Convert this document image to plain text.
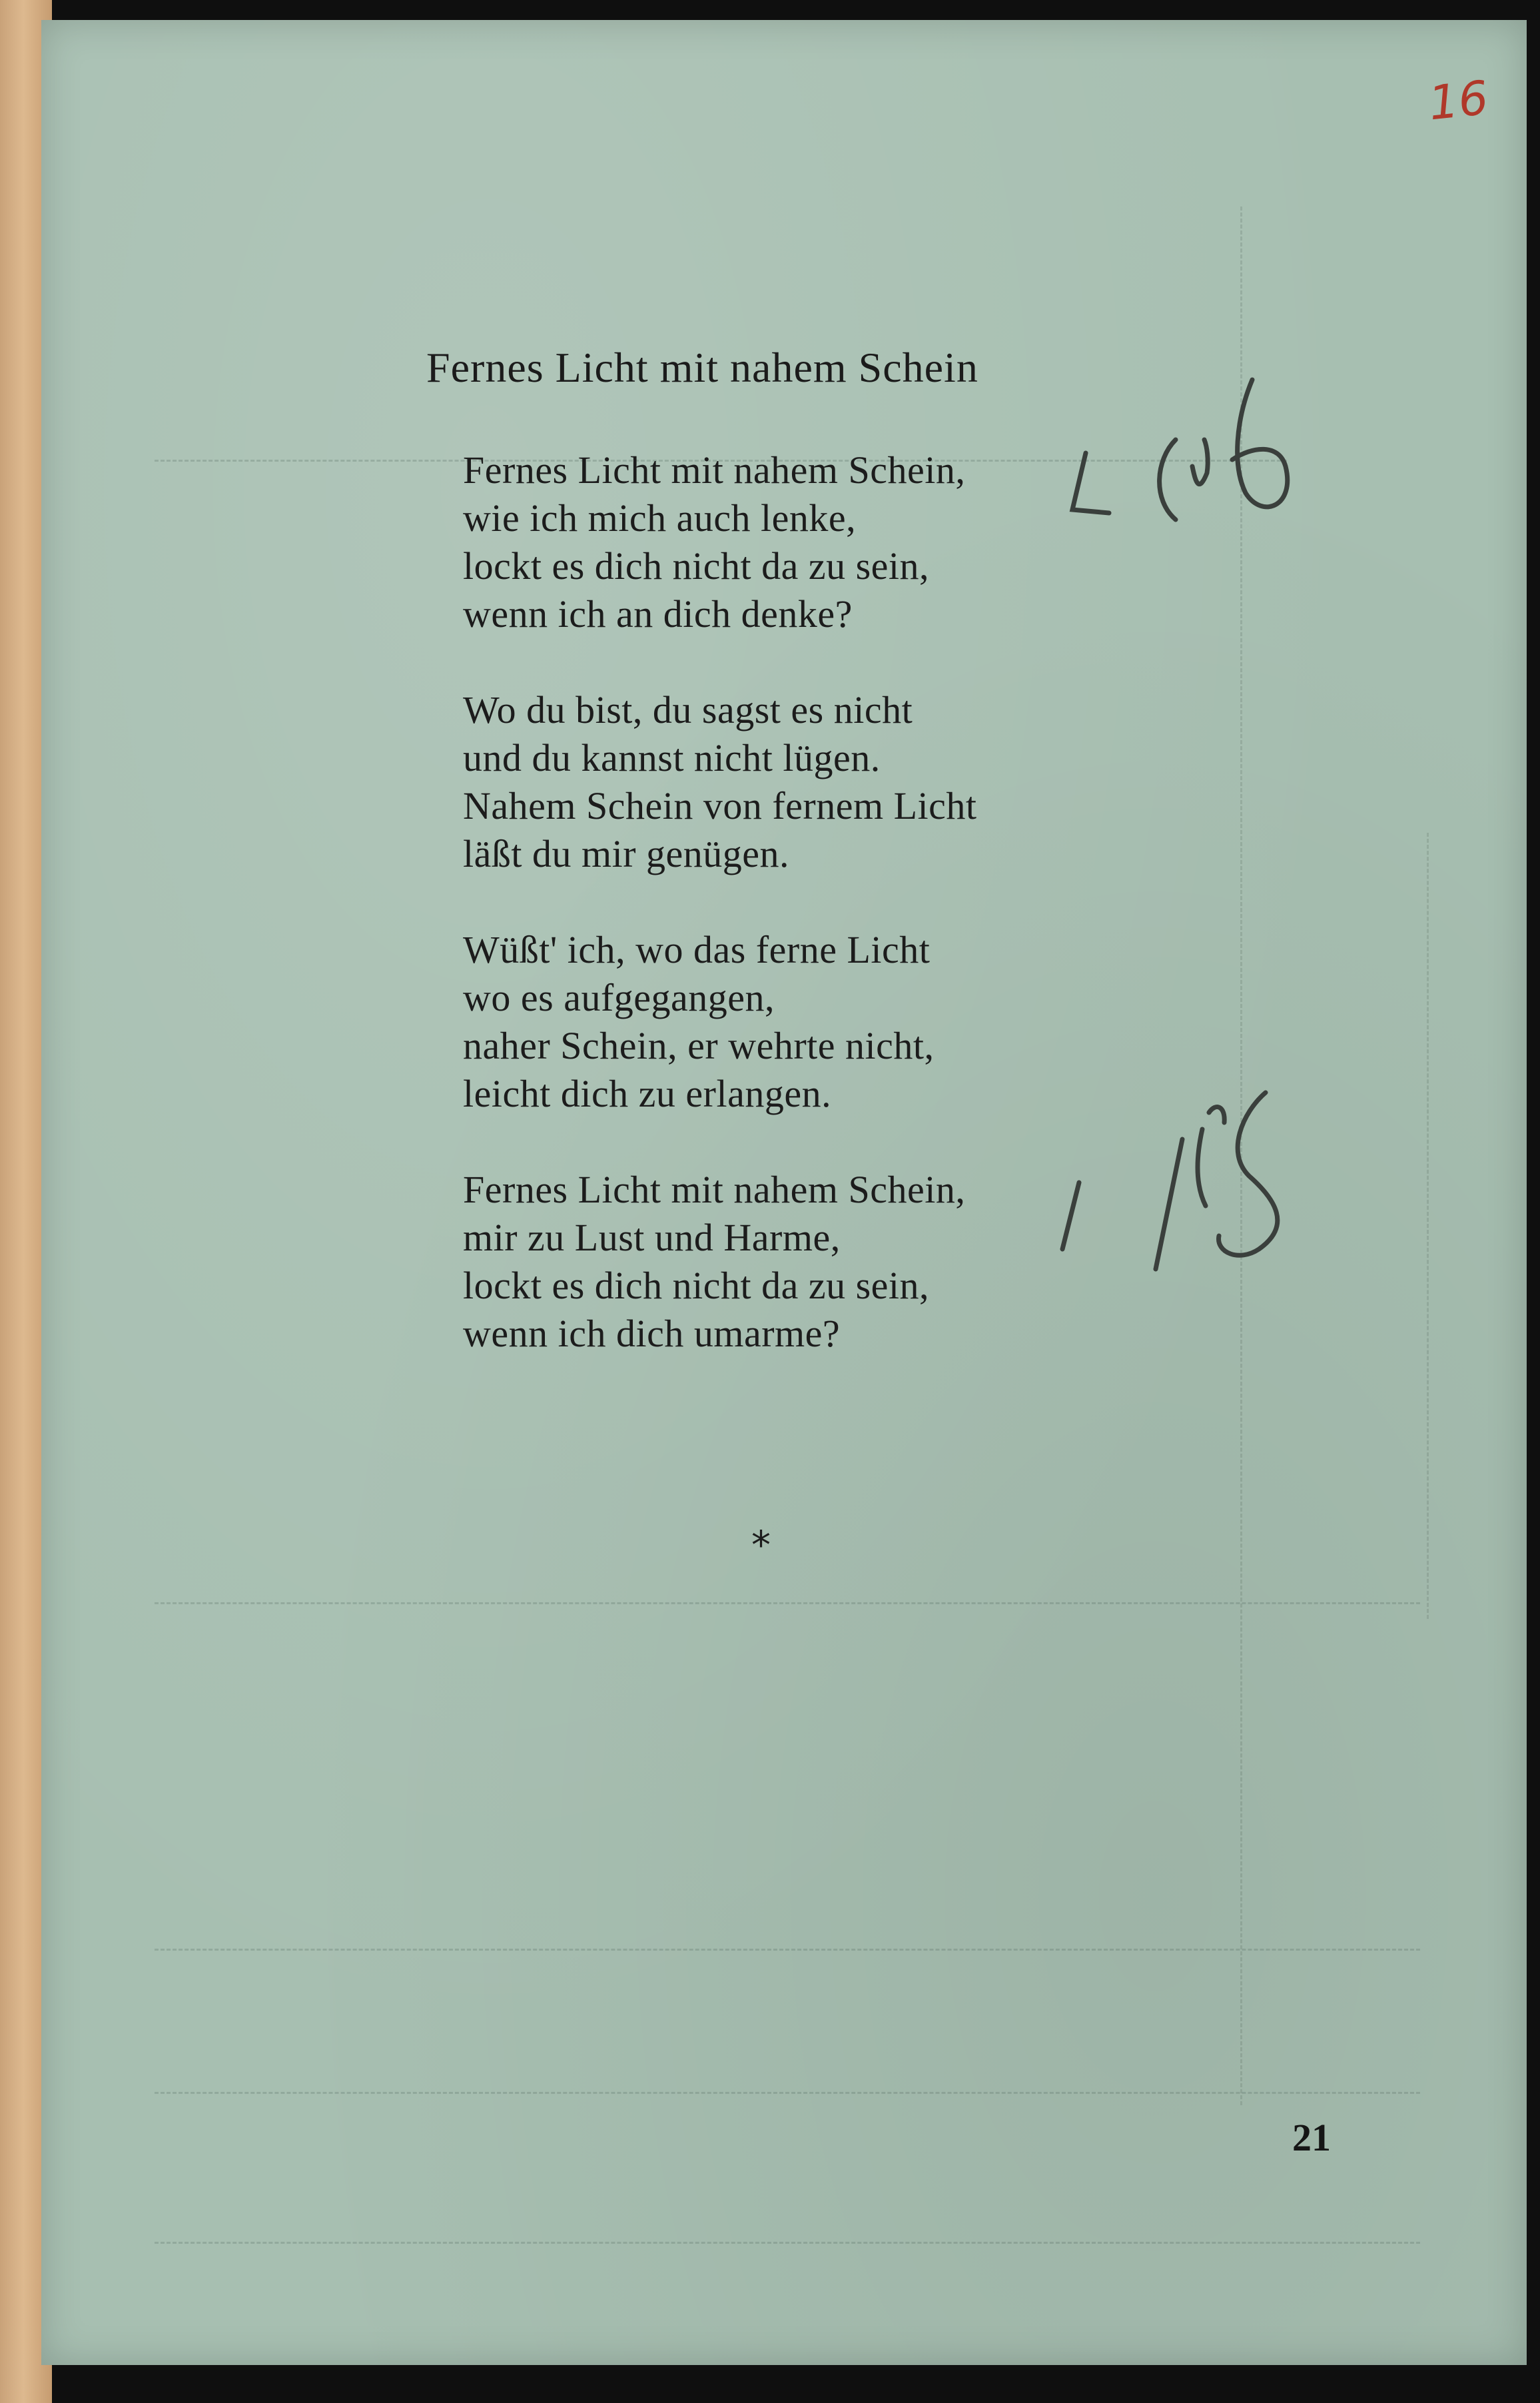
16
Fernes Licht mit nahem Schein
Fernes Licht mit nahem Schein,
wie ich mich auch lenke,
lockt es dich nicht da zu sein,
wenn ich an dich denke?
Wo du bist, du sagst es nicht
und du kannst nicht lügen.
Nahem Schein von fernem Licht
läßt du mir genügen.
Wüßt' ich, wo das ferne Licht
wo es aufgegangen,
naher Schein, er wehrte nicht,
leicht dich zu erlangen.
Fernes Licht mit nahem Schein,
mir zu Lust und Harme,
lockt es dich nicht da zu sein,
wenn ich dich umarme?
*
21
